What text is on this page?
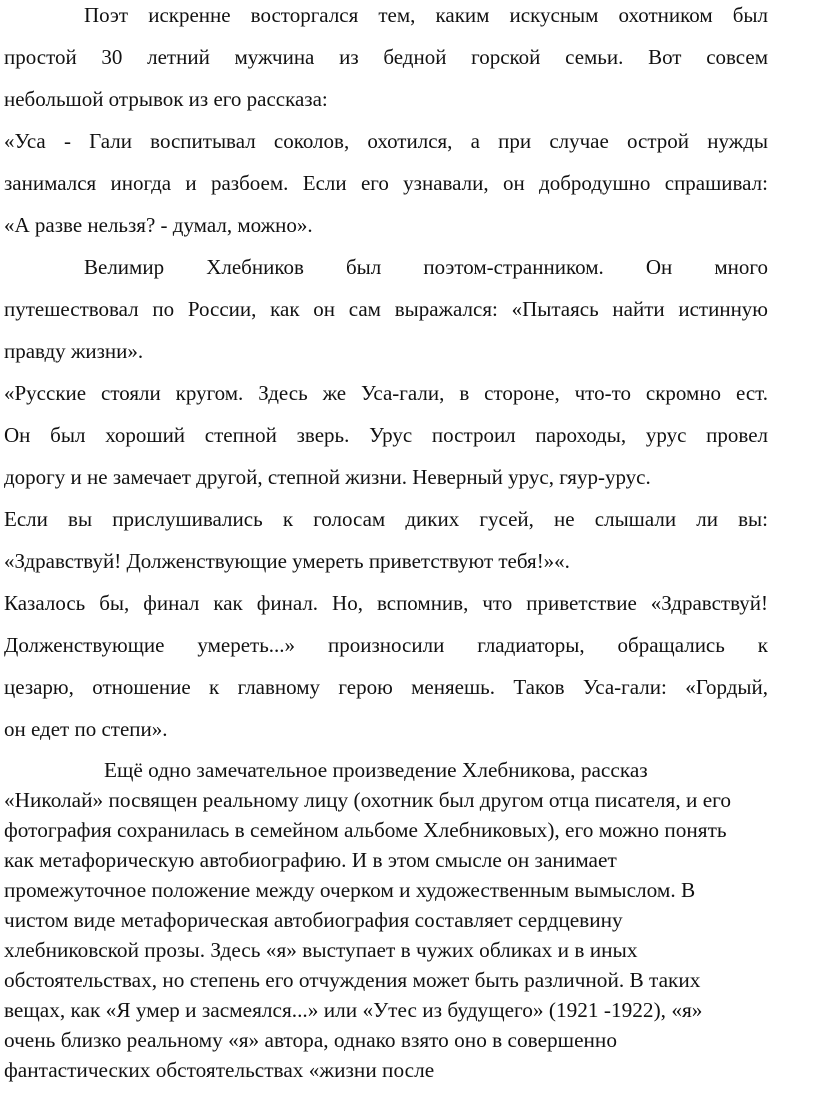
Поэт искренне восторгался тем, каким искусным охотником был
простой 30 летний мужчина из бедной горской семьи. Вот совсем
небольшой отрывок из его рассказа:
«Уса - Гали воспитывал соколов, охотился, а при случае острой нужды
занимался иногда и разбоем. Если его узнавали, он добродушно спрашивал:
«А разве нельзя? - думал, можно».
Велимир Хлебников был поэтом-странником. Он много
путешествовал по России, как он сам выражался: «Пытаясь найти истинную
правду жизни».
«Русские стояли кругом. Здесь же Уса-гали, в стороне, что-то скромно ест.
Он был хороший степной зверь. Урус построил пароходы, урус провел
дорогу и не замечает другой, степной жизни. Неверный урус, гяур-урус.
Если вы прислушивались к голосам диких гусей, не слышали ли вы:
«Здравствуй! Долженствующие умереть приветствуют тебя!»«.
Казалось бы, финал как финал. Но, вспомнив, что приветствие «Здравствуй!
Долженствующие умереть...» произносили гладиаторы, обращались к
цезарю, отношение к главному герою меняешь. Таков Уса-гали: «Гордый,
он едет по степи».
Ещё одно замечательное произведение Хлебникова, рассказ
«Николай» посвящен реальному лицу (охотник был другом отца писателя, и его
фотография сохранилась в семейном альбоме Хлебниковых), его можно понять
как метафорическую автобиографию. И в этом смысле он занимает
промежуточное положение между очерком и художественным вымыслом. В
чистом виде метафорическая автобиография составляет сердцевину
хлебниковской прозы. Здесь «я» выступает в чужих обликах и в иных
обстоятельствах, но степень его отчуждения может быть различной. В таких
вещах, как «Я умер и засмеялся...» или «Утес из будущего» (1921 -1922), «я»
очень близко реальному «я» автора, однако взято оно в совершенно
фантастических обстоятельствах «жизни после
